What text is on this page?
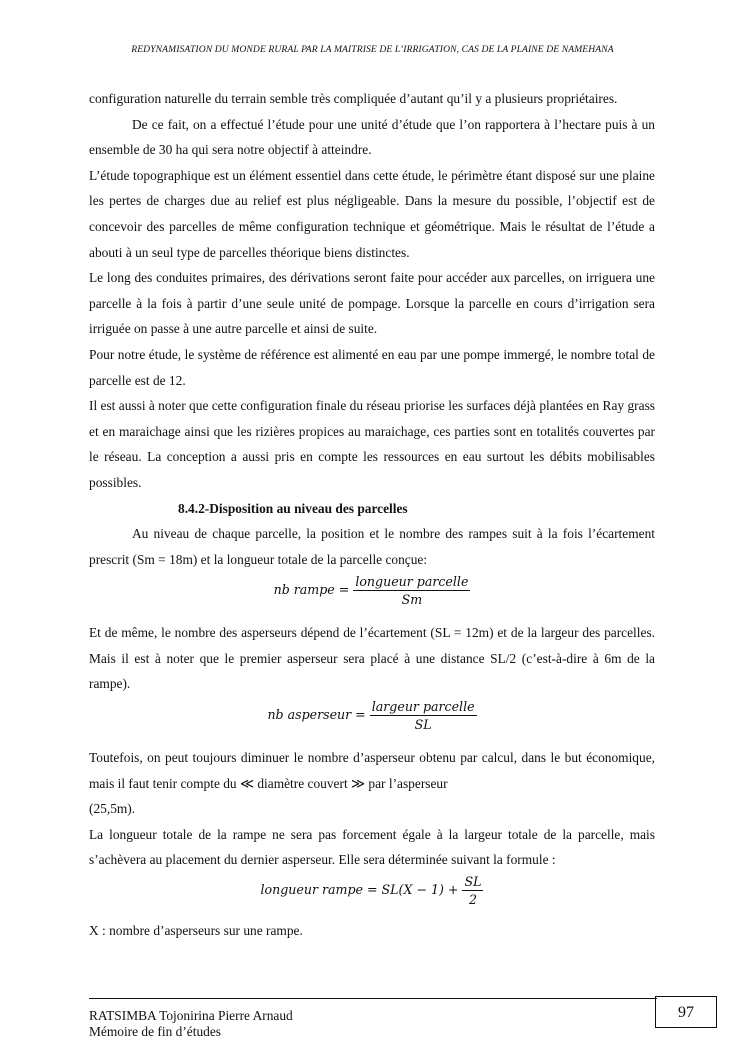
REDYNAMISATION DU MONDE RURAL PAR LA MAITRISE DE L’IRRIGATION, CAS DE LA PLAINE DE NAMEHANA

configuration naturelle du terrain semble très compliquée d’autant qu’il y a plusieurs propriétaires.

De ce fait, on a effectué l’étude pour une unité d’étude que l’on rapportera à l’hectare puis à un ensemble de 30 ha qui sera notre objectif à atteindre.

L’étude topographique est un élément essentiel dans cette étude, le périmètre étant disposé sur une plaine les pertes de charges due au relief est plus négligeable. Dans la mesure du possible, l’objectif est de concevoir des parcelles de même configuration technique et géométrique. Mais le résultat de l’étude a abouti à un seul type de parcelles théorique biens distinctes.

Le long des conduites primaires, des dérivations seront faite pour accéder aux parcelles, on irriguera une parcelle à la fois à partir d’une seule unité de pompage. Lorsque la parcelle en cours d’irrigation sera irriguée on passe à une autre parcelle et ainsi de suite.

Pour notre étude, le système de référence est alimenté en eau par une pompe immergé, le nombre total de parcelle est de 12.

Il est aussi à noter que cette configuration finale du réseau priorise les surfaces déjà plantées en Ray grass et en maraichage ainsi que les rizières propices au maraichage, ces parties sont en totalités couvertes par le réseau. La conception a aussi pris en compte les ressources en eau surtout les débits mobilisables possibles.

8.4.2-Disposition au niveau des parcelles

Au niveau de chaque parcelle, la position et le nombre des rampes suit à la fois l’écartement prescrit (Sm = 18m) et la longueur totale de la parcelle conçue:

nb rampe = $\frac{\text{longueur parcelle}}{Sm}$

Et de même, le nombre des asperseurs dépend de l’écartement (SL = 12m) et de la largeur des parcelles. Mais il est à noter que le premier asperseur sera placé à une distance SL/2 (c’est-à-dire à 6m de la rampe).

nb asperseur = $\frac{\text{largeur parcelle}}{SL}$

Toutefois, on peut toujours diminuer le nombre d’asperseur obtenu par calcul, dans le but économique, mais il faut tenir compte du ≪ diamètre couvert ≫ par l’asperseur

(25,5m).

La longueur totale de la rampe ne sera pas forcement égale à la largeur totale de la parcelle, mais s’achèvera au placement du dernier asperseur. Elle sera déterminée suivant la formule :

longueur rampe = $SL(X - 1) + \frac{SL}{2}$

X : nombre d’asperseurs sur une rampe.

97
RATSIMBA Tojonirina Pierre Arnaud
Mémoire de fin d’études
